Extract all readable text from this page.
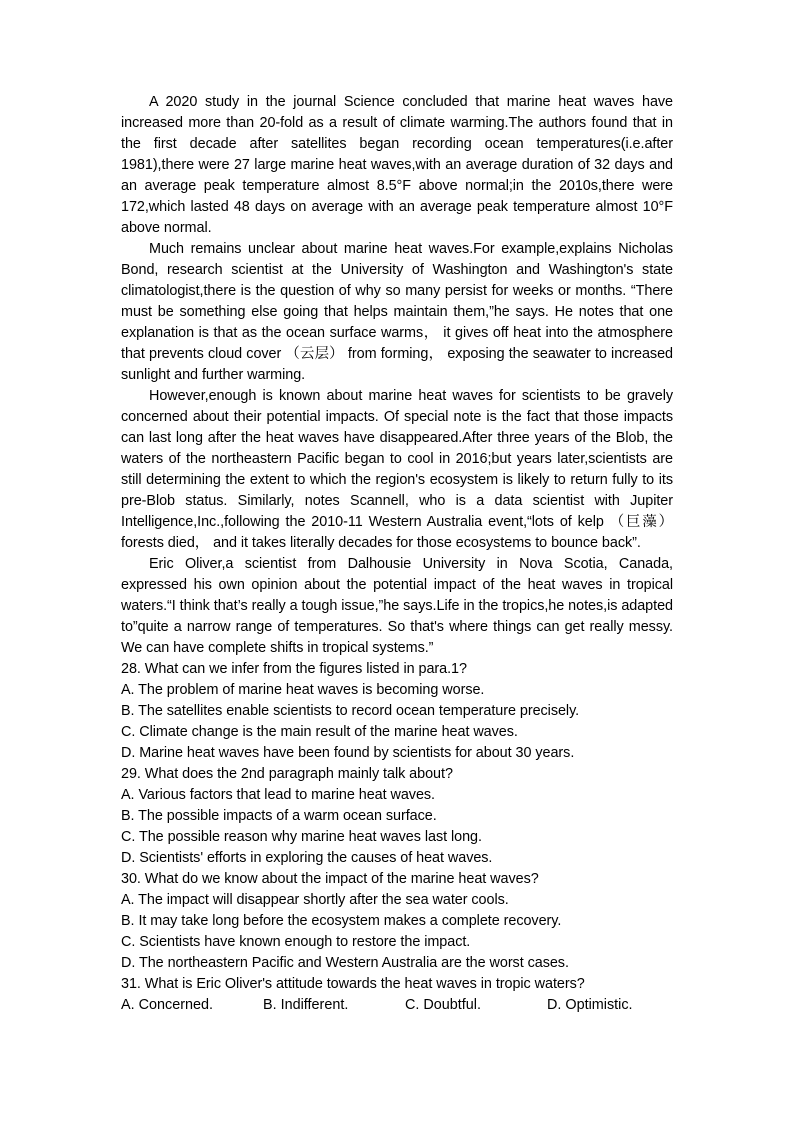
A 2020 study in the journal Science concluded that marine heat waves have increased more than 20-fold as a result of climate warming.The authors found that in the first decade after satellites began recording ocean temperatures(i.e.after 1981),there were 27 large marine heat waves,with an average duration of 32 days and an average peak temperature almost 8.5°F above normal;in the 2010s,there were 172,which lasted 48 days on average with an average peak temperature almost 10°F above normal.

Much remains unclear about marine heat waves.For example,explains Nicholas Bond, research scientist at the University of Washington and Washington's state climatologist,there is the question of why so many persist for weeks or months. “There must be something else going that helps maintain them,”he says. He notes that one explanation is that as the ocean surface warms， it gives off heat into the atmosphere that prevents cloud cover （云层） from forming， exposing the seawater to increased sunlight and further warming.

However,enough is known about marine heat waves for scientists to be gravely concerned about their potential impacts. Of special note is the fact that those impacts can last long after the heat waves have disappeared.After three years of the Blob, the waters of the northeastern Pacific began to cool in 2016;but years later,scientists are still determining the extent to which the region's ecosystem is likely to return fully to its pre-Blob status. Similarly, notes Scannell, who is a data scientist with Jupiter Intelligence,Inc.,following the 2010-11 Western Australia event,“lots of kelp （巨藻） forests died， and it takes literally decades for those ecosystems to bounce back”.

Eric Oliver,a scientist from Dalhousie University in Nova Scotia, Canada, expressed his own opinion about the potential impact of the heat waves in tropical waters.“I think that’s really a tough issue,”he says.Life in the tropics,he notes,is adapted to”quite a narrow range of temperatures. So that's where things can get really messy. We can have complete shifts in tropical systems.”

28. What can we infer from the figures listed in para.1?

A. The problem of marine heat waves is becoming worse.

B. The satellites enable scientists to record ocean temperature precisely.

C. Climate change is the main result of the marine heat waves.

D. Marine heat waves have been found by scientists for about 30 years.

29. What does the 2nd paragraph mainly talk about?

A. Various factors that lead to marine heat waves.

B. The possible impacts of a warm ocean surface.

C. The possible reason why marine heat waves last long.

D. Scientists' efforts in exploring the causes of heat waves.

30. What do we know about the impact of the marine heat waves?

A. The impact will disappear shortly after the sea water cools.

B. It may take long before the ecosystem makes a complete recovery.

C. Scientists have known enough to restore the impact.

D. The northeastern Pacific and Western Australia are the worst cases.

31. What is Eric Oliver's attitude towards the heat waves in tropic waters?

A. Concerned.	B. Indifferent.	C. Doubtful.	D. Optimistic.
